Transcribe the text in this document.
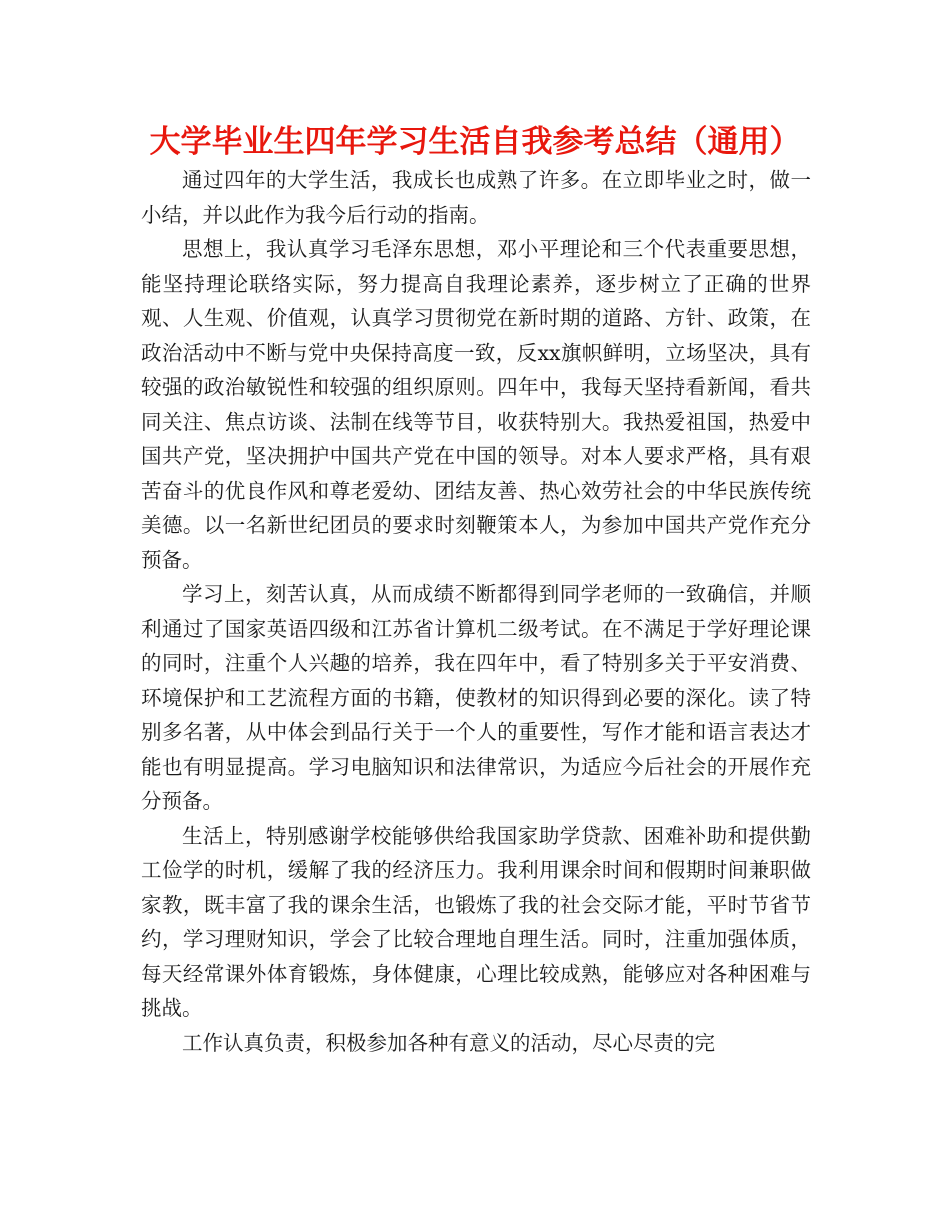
大学毕业生四年学习生活自我参考总结（通用）

通过四年的大学生活，我成长也成熟了许多。在立即毕业之时，做一小结，并以此作为我今后行动的指南。

思想上，我认真学习毛泽东思想，邓小平理论和三个代表重要思想，能坚持理论联络实际，努力提高自我理论素养，逐步树立了正确的世界观、人生观、价值观，认真学习贯彻党在新时期的道路、方针、政策，在政治活动中不断与党中央保持高度一致，反xx旗帜鲜明，立场坚决，具有较强的政治敏锐性和较强的组织原则。四年中，我每天坚持看新闻，看共同关注、焦点访谈、法制在线等节目，收获特别大。我热爱祖国，热爱中国共产党，坚决拥护中国共产党在中国的领导。对本人要求严格，具有艰苦奋斗的优良作风和尊老爱幼、团结友善、热心效劳社会的中华民族传统美德。以一名新世纪团员的要求时刻鞭策本人，为参加中国共产党作充分预备。

学习上，刻苦认真，从而成绩不断都得到同学老师的一致确信，并顺利通过了国家英语四级和江苏省计算机二级考试。在不满足于学好理论课的同时，注重个人兴趣的培养，我在四年中，看了特别多关于平安消费、环境保护和工艺流程方面的书籍，使教材的知识得到必要的深化。读了特别多名著，从中体会到品行关于一个人的重要性，写作才能和语言表达才能也有明显提高。学习电脑知识和法律常识，为适应今后社会的开展作充分预备。

生活上，特别感谢学校能够供给我国家助学贷款、困难补助和提供勤工俭学的时机，缓解了我的经济压力。我利用课余时间和假期时间兼职做家教，既丰富了我的课余生活，也锻炼了我的社会交际才能，平时节省节约，学习理财知识，学会了比较合理地自理生活。同时，注重加强体质，每天经常课外体育锻炼，身体健康，心理比较成熟，能够应对各种困难与挑战。

工作认真负责，积极参加各种有意义的活动，尽心尽责的完
